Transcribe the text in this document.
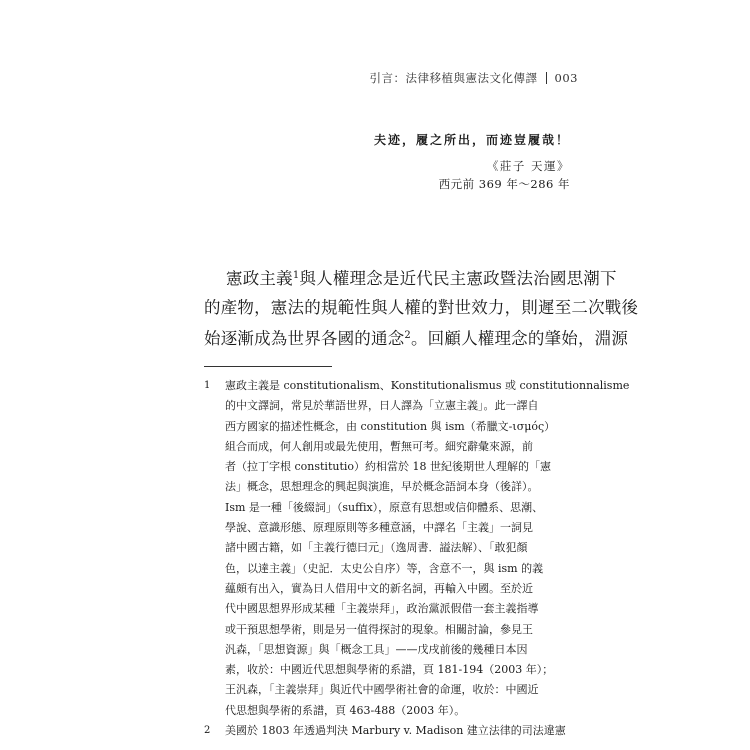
引言：法律移植與憲法文化傳譯 003
夫迹，履之所出，而迹豈履哉！
《莊子 天運》
西元前 369 年～286 年
憲政主義$^1$與人權理念是近代民主憲政暨法治國思潮下
的產物，憲法的規範性與人權的對世效力，則遲至二次戰後
始逐漸成為世界各國的通念$^2$。回顧人權理念的肇始，淵源
1 憲政主義是 constitutionalism、Konstitutionalismus 或 constitutionnalisme
的中文譯詞，常見於華語世界，日人譯為「立憲主義」。此一譯自
西方國家的描述性概念，由 constitution 與 ism（希臘文-ισμός）
組合而成，何人創用或最先使用，暫無可考。細究辭彙來源，前
者（拉丁字根 constitutio）約相當於 18 世紀後期世人理解的「憲
法」概念，思想理念的興起與演進，早於概念語詞本身（後詳）。
Ism 是一種「後綴詞」（suffix），原意有思想或信仰體系、思潮、
學說、意識形態、原理原則等多種意涵，中譯名「主義」一詞見
諸中國古籍，如「主義行德曰元」（逸周書．謚法解）、「敢犯顏
色，以達主義」（史記．太史公自序）等，含意不一，與 ism 的義
蘊頗有出入，實為日人借用中文的新名詞，再輸入中國。至於近
代中國思想界形成某種「主義崇拜」，政治黨派假借一套主義指導
或干預思想學術，則是另一值得探討的現象。相關討論，參見王
汎森，「思想資源」與「概念工具」——戊戌前後的幾種日本因
素，收於：中國近代思想與學術的系譜，頁 181-194（2003 年）；
王汎森，「主義崇拜」與近代中國學術社會的命運，收於：中國近
代思想與學術的系譜，頁 463-488（2003 年）。
2 美國於 1803 年透過判決 Marbury v. Madison 建立法律的司法違憲
